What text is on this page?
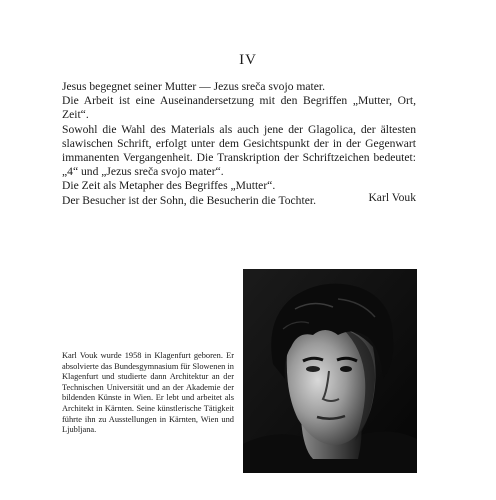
IV

Jesus begegnet seiner Mutter — Jezus sreča svojo mater.

Die Arbeit ist eine Auseinandersetzung mit den Begriffen „Mutter, Ort, Zeit“.

Sowohl die Wahl des Materials als auch jene der Glagolica, der ältesten slawischen Schrift, erfolgt unter dem Gesichtspunkt der in der Gegenwart immanenten Vergangenheit. Die Transkription der Schriftzeichen bedeutet: „4“ und „Jezus sreča svojo mater“.

Die Zeit als Metapher des Begriffes „Mutter“.

Der Besucher ist der Sohn, die Besucherin die Tochter.	Karl Vouk
Karl Vouk wurde 1958 in Klagenfurt geboren. Er absolvierte das Bundesgymnasium für Slowenen in Klagenfurt und studierte dann Architektur an der Technischen Universität und an der Akademie der bildenden Künste in Wien. Er lebt und arbeitet als Architekt in Kärnten. Seine künstlerische Tätigkeit führte ihn zu Ausstellungen in Kärnten, Wien und Ljubljana.
